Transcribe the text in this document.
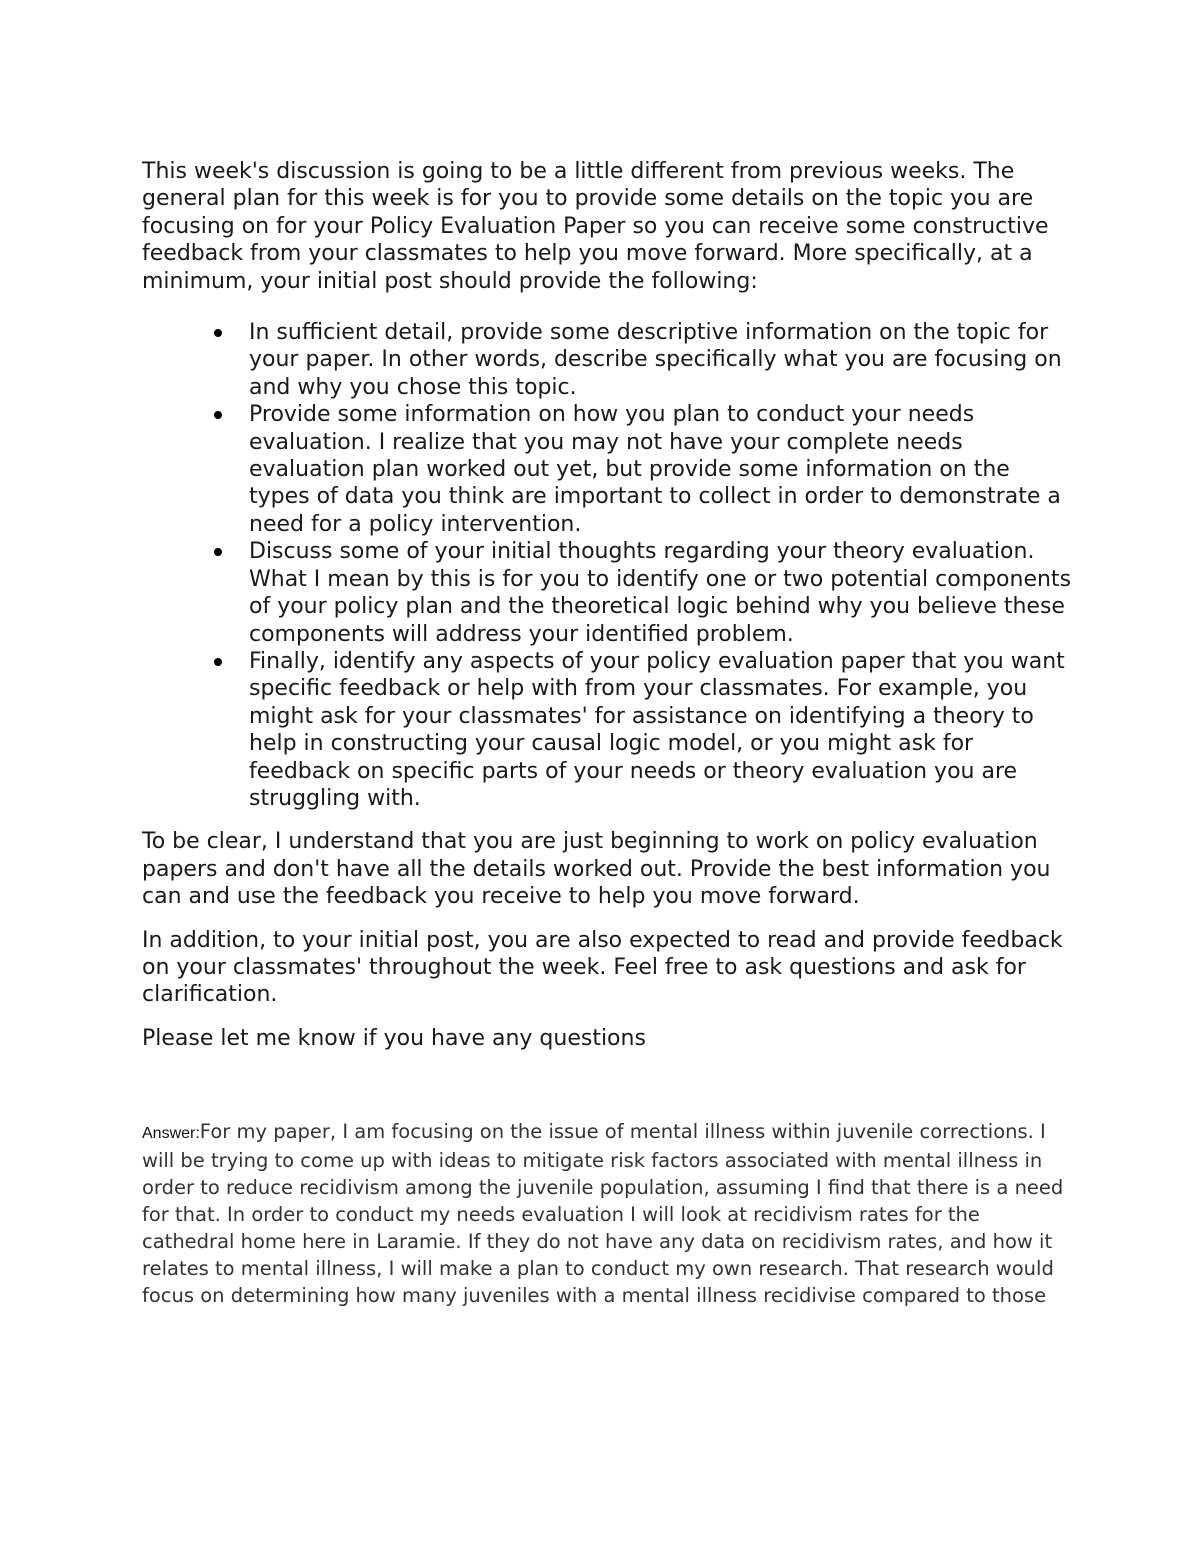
This week's discussion is going to be a little different from previous weeks. The general plan for this week is for you to provide some details on the topic you are focusing on for your Policy Evaluation Paper so you can receive some constructive feedback from your classmates to help you move forward. More specifically, at a minimum, your initial post should provide the following:

In sufficient detail, provide some descriptive information on the topic for your paper. In other words, describe specifically what you are focusing on and why you chose this topic.
Provide some information on how you plan to conduct your needs evaluation. I realize that you may not have your complete needs evaluation plan worked out yet, but provide some information on the types of data you think are important to collect in order to demonstrate a need for a policy intervention.
Discuss some of your initial thoughts regarding your theory evaluation. What I mean by this is for you to identify one or two potential components of your policy plan and the theoretical logic behind why you believe these components will address your identified problem.
Finally, identify any aspects of your policy evaluation paper that you want specific feedback or help with from your classmates. For example, you might ask for your classmates' for assistance on identifying a theory to help in constructing your causal logic model, or you might ask for feedback on specific parts of your needs or theory evaluation you are struggling with.

To be clear, I understand that you are just beginning to work on policy evaluation papers and don't have all the details worked out. Provide the best information you can and use the feedback you receive to help you move forward.

In addition, to your initial post, you are also expected to read and provide feedback on your classmates' throughout the week. Feel free to ask questions and ask for clarification.

Please let me know if you have any questions

Answer:For my paper, I am focusing on the issue of mental illness within juvenile corrections. I will be trying to come up with ideas to mitigate risk factors associated with mental illness in order to reduce recidivism among the juvenile population, assuming I find that there is a need for that. In order to conduct my needs evaluation I will look at recidivism rates for the cathedral home here in Laramie. If they do not have any data on recidivism rates, and how it relates to mental illness, I will make a plan to conduct my own research. That research would focus on determining how many juveniles with a mental illness recidivise compared to those
